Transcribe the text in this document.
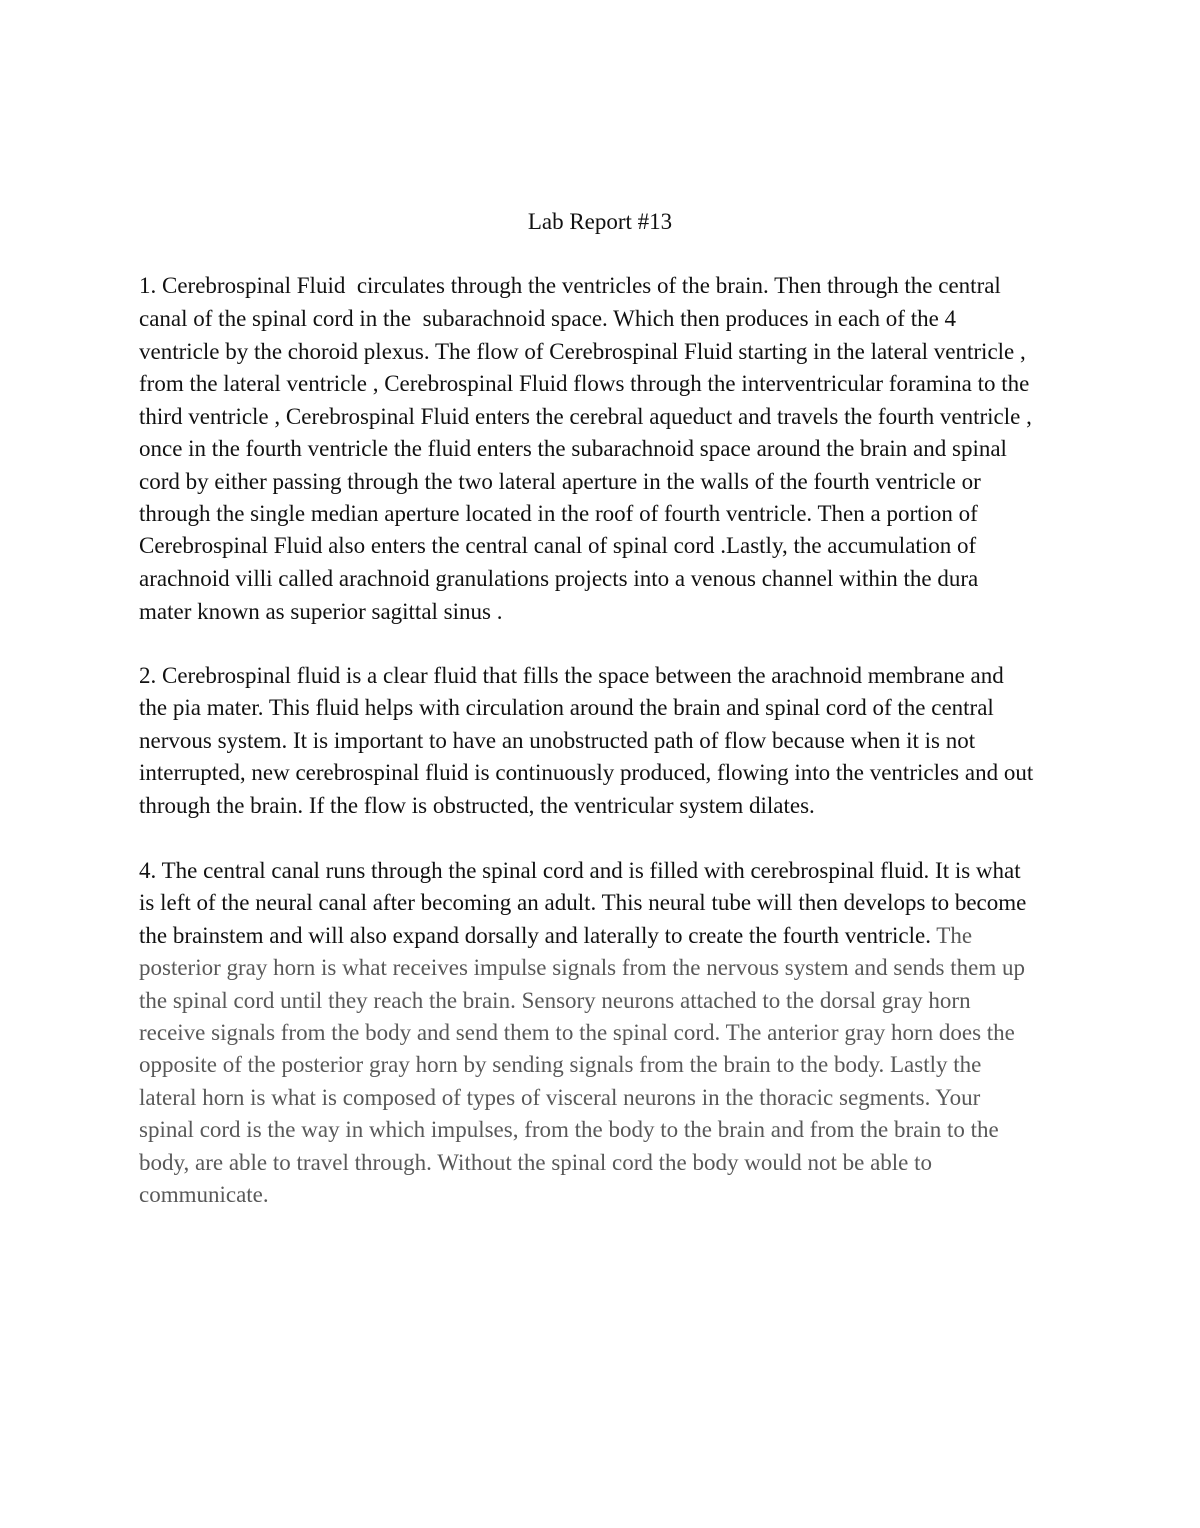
Lab Report #13
1. Cerebrospinal Fluid  circulates through the ventricles of the brain. Then through the central
canal of the spinal cord in the  subarachnoid space. Which then produces in each of the 4
ventricle by the choroid plexus. The flow of Cerebrospinal Fluid starting in the lateral ventricle ,
from the lateral ventricle , Cerebrospinal Fluid flows through the interventricular foramina to the
third ventricle , Cerebrospinal Fluid enters the cerebral aqueduct and travels the fourth ventricle ,
once in the fourth ventricle the fluid enters the subarachnoid space around the brain and spinal
cord by either passing through the two lateral aperture in the walls of the fourth ventricle or
through the single median aperture located in the roof of fourth ventricle. Then a portion of
Cerebrospinal Fluid also enters the central canal of spinal cord .Lastly, the accumulation of
arachnoid villi called arachnoid granulations projects into a venous channel within the dura
mater known as superior sagittal sinus .
2. Cerebrospinal fluid is a clear fluid that fills the space between the arachnoid membrane and
the pia mater. This fluid helps with circulation around the brain and spinal cord of the central
nervous system. It is important to have an unobstructed path of flow because when it is not
interrupted, new cerebrospinal fluid is continuously produced, flowing into the ventricles and out
through the brain. If the flow is obstructed, the ventricular system dilates.
4. The central canal runs through the spinal cord and is filled with cerebrospinal fluid. It is what
is left of the neural canal after becoming an adult. This neural tube will then develops to become
the brainstem and will also expand dorsally and laterally to create the fourth ventricle. The
posterior gray horn is what receives impulse signals from the nervous system and sends them up
the spinal cord until they reach the brain. Sensory neurons attached to the dorsal gray horn
receive signals from the body and send them to the spinal cord. The anterior gray horn does the
opposite of the posterior gray horn by sending signals from the brain to the body. Lastly the
lateral horn is what is composed of types of visceral neurons in the thoracic segments. Your
spinal cord is the way in which impulses, from the body to the brain and from the brain to the
body, are able to travel through. Without the spinal cord the body would not be able to
communicate.
